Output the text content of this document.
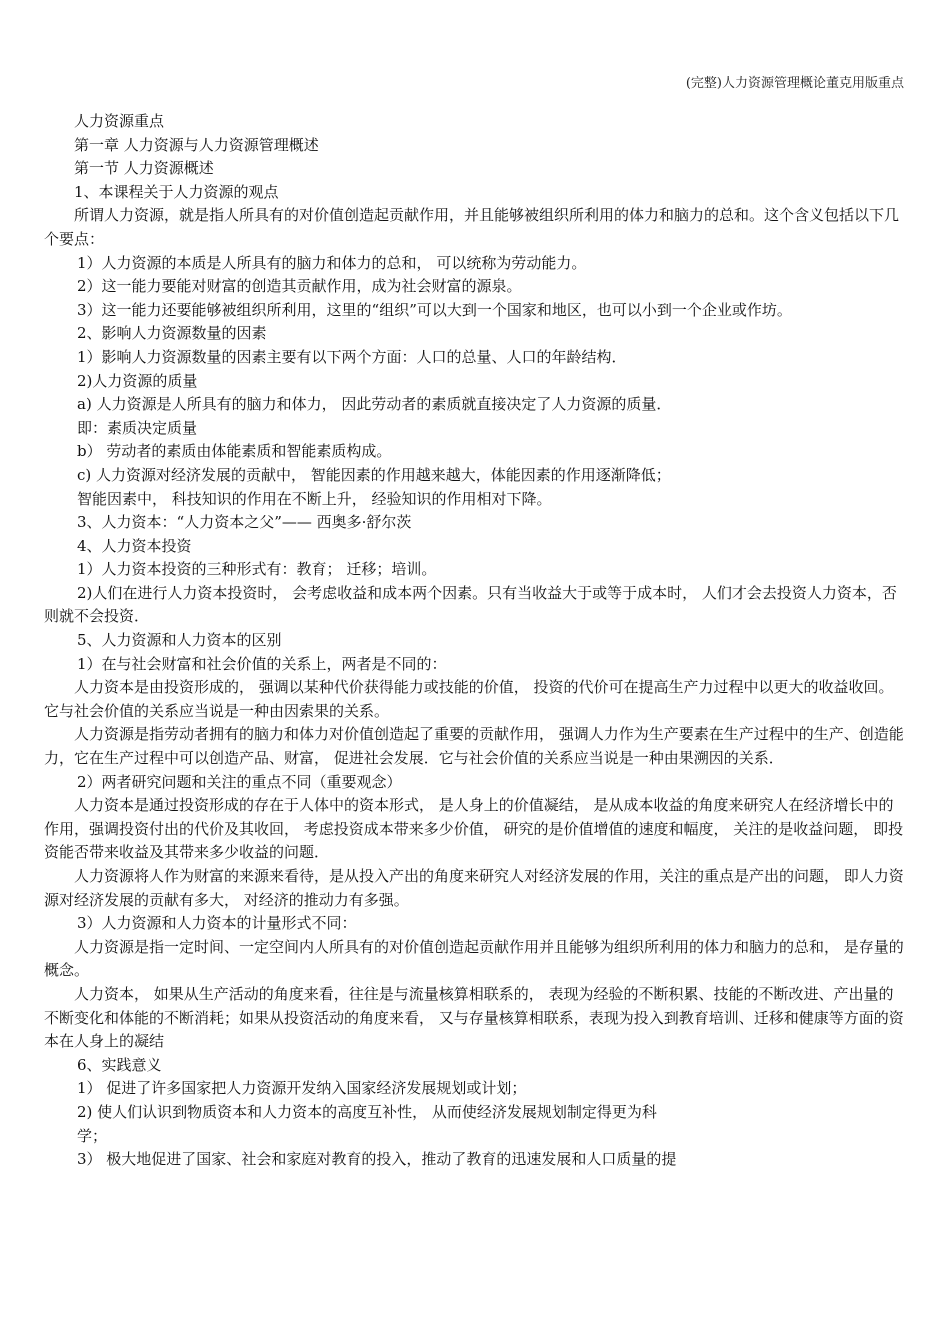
(完整)人力资源管理概论董克用版重点

人力资源重点

第一章 人力资源与人力资源管理概述

第一节 人力资源概述

1、本课程关于人力资源的观点

所谓人力资源，就是指人所具有的对价值创造起贡献作用，并且能够被组织所利用的体力和脑力的总和。这个含义包括以下几个要点：

1）人力资源的本质是人所具有的脑力和体力的总和， 可以统称为劳动能力。

2）这一能力要能对财富的创造其贡献作用，成为社会财富的源泉。

3）这一能力还要能够被组织所利用，这里的“组织”可以大到一个国家和地区，也可以小到一个企业或作坊。

2、影响人力资源数量的因素

1）影响人力资源数量的因素主要有以下两个方面：人口的总量、人口的年龄结构．

2)人力资源的质量

a) 人力资源是人所具有的脑力和体力， 因此劳动者的素质就直接决定了人力资源的质量．

即：素质决定质量

b） 劳动者的素质由体能素质和智能素质构成。

c) 人力资源对经济发展的贡献中， 智能因素的作用越来越大，体能因素的作用逐渐降低；

智能因素中， 科技知识的作用在不断上升， 经验知识的作用相对下降。

3、人力资本：“人力资本之父”—— 西奥多·舒尔茨

4、人力资本投资

1）人力资本投资的三种形式有：教育； 迁移；培训。

2)人们在进行人力资本投资时， 会考虑收益和成本两个因素。只有当收益大于或等于成本时， 人们才会去投资人力资本，否则就不会投资．

5、人力资源和人力资本的区别

1）在与社会财富和社会价值的关系上，两者是不同的：

人力资本是由投资形成的， 强调以某种代价获得能力或技能的价值， 投资的代价可在提高生产力过程中以更大的收益收回。它与社会价值的关系应当说是一种由因索果的关系。

人力资源是指劳动者拥有的脑力和体力对价值创造起了重要的贡献作用， 强调人力作为生产要素在生产过程中的生产、创造能力，它在生产过程中可以创造产品、财富， 促进社会发展．它与社会价值的关系应当说是一种由果溯因的关系．

2）两者研究问题和关注的重点不同（重要观念）

人力资本是通过投资形成的存在于人体中的资本形式， 是人身上的价值凝结， 是从成本收益的角度来研究人在经济增长中的作用，强调投资付出的代价及其收回， 考虑投资成本带来多少价值， 研究的是价值增值的速度和幅度， 关注的是收益问题， 即投资能否带来收益及其带来多少收益的问题．

人力资源将人作为财富的来源来看待，是从投入产出的角度来研究人对经济发展的作用，关注的重点是产出的问题， 即人力资源对经济发展的贡献有多大， 对经济的推动力有多强。

3）人力资源和人力资本的计量形式不同：

人力资源是指一定时间、一定空间内人所具有的对价值创造起贡献作用并且能够为组织所利用的体力和脑力的总和， 是存量的概念。

人力资本， 如果从生产活动的角度来看，往往是与流量核算相联系的， 表现为经验的不断积累、技能的不断改进、产出量的不断变化和体能的不断消耗；如果从投资活动的角度来看， 又与存量核算相联系，表现为投入到教育培训、迁移和健康等方面的资本在人身上的凝结

6、实践意义

1） 促进了许多国家把人力资源开发纳入国家经济发展规划或计划；

2) 使人们认识到物质资本和人力资本的高度互补性， 从而使经济发展规划制定得更为科

学；

3） 极大地促进了国家、社会和家庭对教育的投入，推动了教育的迅速发展和人口质量的提
